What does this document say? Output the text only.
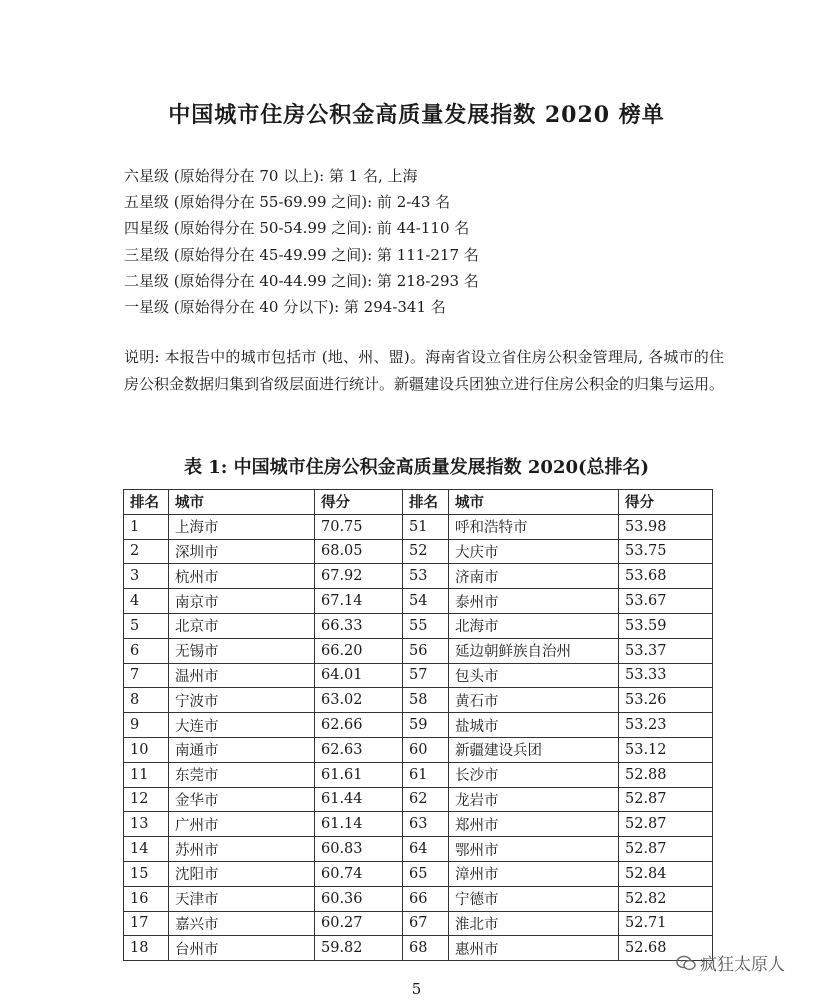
中国城市住房公积金高质量发展指数 2020 榜单
六星级 (原始得分在 70 以上): 第 1 名, 上海
五星级 (原始得分在 55-69.99 之间): 前 2-43 名
四星级 (原始得分在 50-54.99 之间): 前 44-110 名
三星级 (原始得分在 45-49.99 之间): 第 111-217 名
二星级 (原始得分在 40-44.99 之间): 第 218-293 名
一星级 (原始得分在 40 分以下): 第 294-341 名
说明: 本报告中的城市包括市 (地、州、盟)。海南省设立省住房公积金管理局, 各城市的住房公积金数据归集到省级层面进行统计。新疆建设兵团独立进行住房公积金的归集与运用。
表 1: 中国城市住房公积金高质量发展指数 2020(总排名)
排名	城市	得分	排名	城市	得分
1	上海市	70.75	51	呼和浩特市	53.98
2	深圳市	68.05	52	大庆市	53.75
3	杭州市	67.92	53	济南市	53.68
4	南京市	67.14	54	泰州市	53.67
5	北京市	66.33	55	北海市	53.59
6	无锡市	66.20	56	延边朝鲜族自治州	53.37
7	温州市	64.01	57	包头市	53.33
8	宁波市	63.02	58	黄石市	53.26
9	大连市	62.66	59	盐城市	53.23
10	南通市	62.63	60	新疆建设兵团	53.12
11	东莞市	61.61	61	长沙市	52.88
12	金华市	61.44	62	龙岩市	52.87
13	广州市	61.14	63	郑州市	52.87
14	苏州市	60.83	64	鄂州市	52.87
15	沈阳市	60.74	65	漳州市	52.84
16	天津市	60.36	66	宁德市	52.82
17	嘉兴市	60.27	67	淮北市	52.71
18	台州市	59.82	68	惠州市	52.68
疯狂太原人
5
